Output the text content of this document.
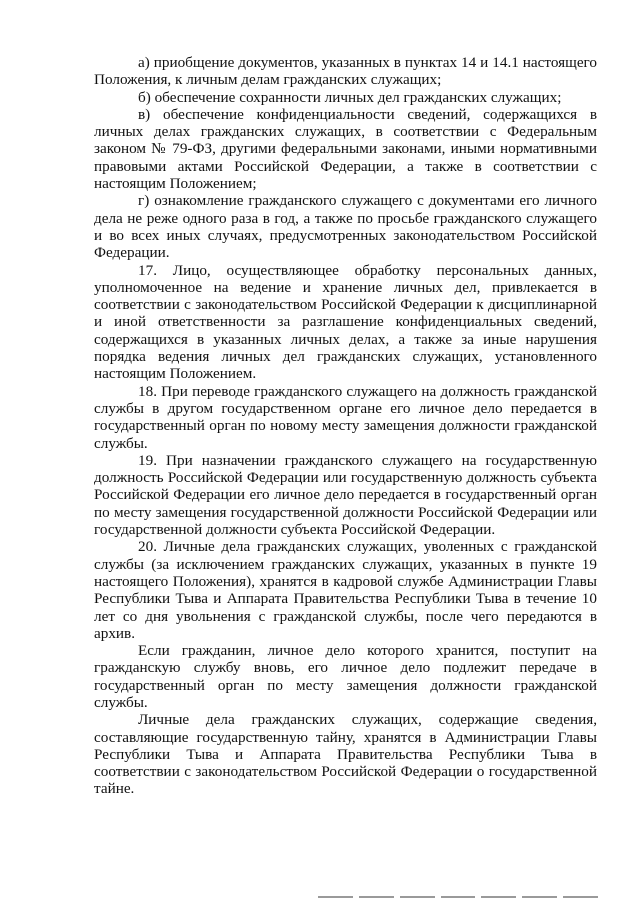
а) приобщение документов, указанных в пунктах 14 и 14.1 настоящего Положения, к личным делам гражданских служащих;

б) обеспечение сохранности личных дел гражданских служащих;

в) обеспечение конфиденциальности сведений, содержащихся в личных делах гражданских служащих, в соответствии с Федеральным законом № 79-ФЗ, другими федеральными законами, иными нормативными правовыми актами Российской Федерации, а также в соответствии с настоящим Положением;

г) ознакомление гражданского служащего с документами его личного дела не реже одного раза в год, а также по просьбе гражданского служащего и во всех иных случаях, предусмотренных законодательством Российской Федерации.

17. Лицо, осуществляющее обработку персональных данных, уполномоченное на ведение и хранение личных дел, привлекается в соответствии с законодательством Российской Федерации к дисциплинарной и иной ответственности за разглашение конфиденциальных сведений, содержащихся в указанных личных делах, а также за иные нарушения порядка ведения личных дел гражданских служащих, установленного настоящим Положением.

18. При переводе гражданского служащего на должность гражданской службы в другом государственном органе его личное дело передается в государственный орган по новому месту замещения должности гражданской службы.

19. При назначении гражданского служащего на государственную должность Российской Федерации или государственную должность субъекта Российской Федерации его личное дело передается в государственный орган по месту замещения государственной должности Российской Федерации или государственной должности субъекта Российской Федерации.

20. Личные дела гражданских служащих, уволенных с гражданской службы (за исключением гражданских служащих, указанных в пункте 19 настоящего Положения), хранятся в кадровой службе Администрации Главы Республики Тыва и Аппарата Правительства Республики Тыва в течение 10 лет со дня увольнения с гражданской службы, после чего передаются в архив.

Если гражданин, личное дело которого хранится, поступит на гражданскую службу вновь, его личное дело подлежит передаче в государственный орган по месту замещения должности гражданской службы.

Личные дела гражданских служащих, содержащие сведения, составляющие государственную тайну, хранятся в Администрации Главы Республики Тыва и Аппарата Правительства Республики Тыва в соответствии с законодательством Российской Федерации о государственной тайне.
